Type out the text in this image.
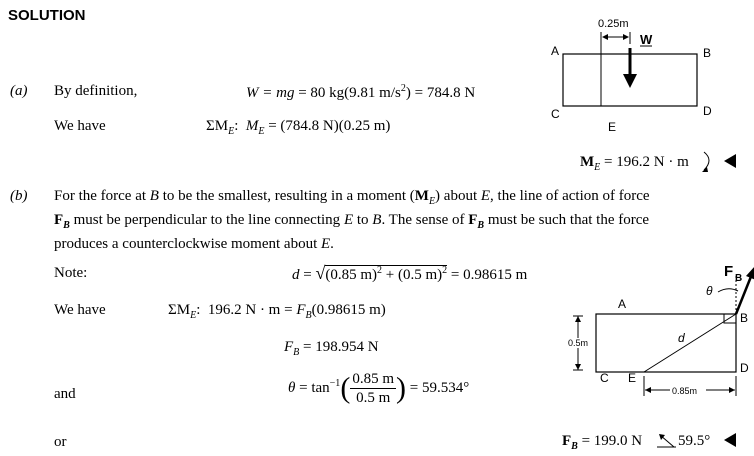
SOLUTION
(a) By definition,	W = mg = 80 kg(9.81 $m/s^2) = 784.8$ N
We have	$\Sigma M_E$: $M_E = (784.8$ N)(0.25 m)
$M_E = 196.2$ N · m
0.25m
W
A	B
C	D
E
(b) For the force at B to be the smallest, resulting in a moment $(M_E)$ about E, the line of action of force
$F_B$ must be perpendicular to the line connecting E to B. The sense of $F_B$ must be such that the force
produces a counterclockwise moment about E.
Note:	d = √(0.85 m)$^2$ + (0.5 m)$^2$ = 0.98615 m
We have	$\Sigma M_E$: 196.2 $N \cdot m = F_B(0.98615$ m)
$F_B = 198.954$ N
and	$\theta = \tan^{-1}( \frac{0.85 m}{0.5 m}$ ) = 59.534°
or	$F_B = 199.0$ N 59.5°
θ
F B
A
B
C
D
E
d
0.5m
0.85m
